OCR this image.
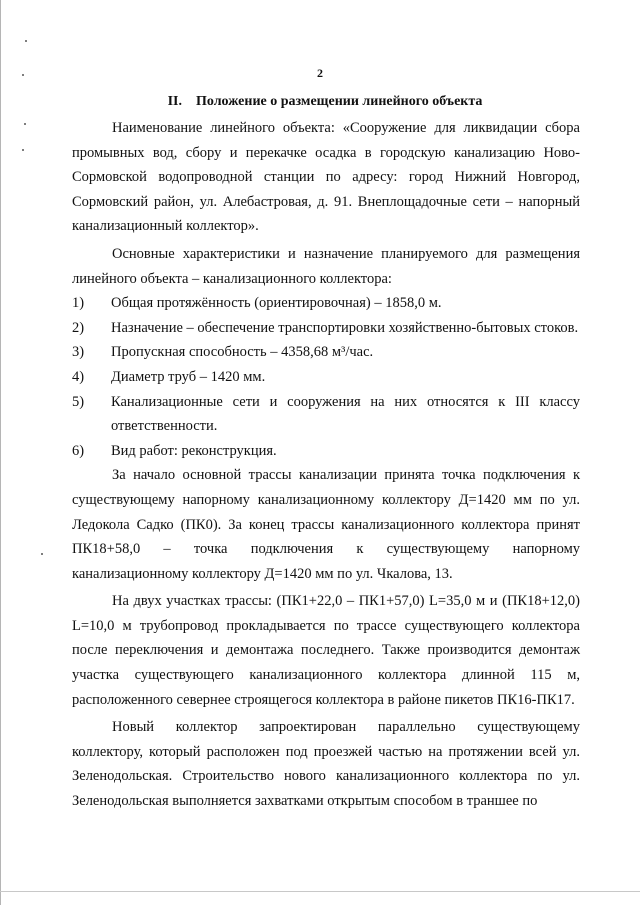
2
II. Положение о размещении линейного объекта

Наименование линейного объекта: «Сооружение для ликвидации сбора промывных вод, сбору и перекачке осадка в городскую канализацию Ново-Сормовской водопроводной станции по адресу: город Нижний Новгород, Сормовский район, ул. Алебастровая, д. 91. Внеплощадочные сети – напорный канализационный коллектор».

Основные характеристики и назначение планируемого для размещения линейного объекта – канализационного коллектора:

1)	Общая протяжённость (ориентировочная) – 1858,0 м.

2)	Назначение – обеспечение транспортировки хозяйственно-бытовых стоков.

3)	Пропускная способность – 4358,68 м³/час.

4)	Диаметр труб – 1420 мм.

5)	Канализационные сети и сооружения на них относятся к III классу ответственности.

6)	Вид работ: реконструкция.

За начало основной трассы канализации принята точка подключения к существующему напорному канализационному коллектору Д=1420 мм по ул. Ледокола Садко (ПК0). За конец трассы канализационного коллектора принят ПК18+58,0 – точка подключения к существующему напорному канализационному коллектору Д=1420 мм по ул. Чкалова, 13.

На двух участках трассы: (ПК1+22,0 – ПК1+57,0) L=35,0 м и (ПК18+12,0) L=10,0 м трубопровод прокладывается по трассе существующего коллектора после переключения и демонтажа последнего. Также производится демонтаж участка существующего канализационного коллектора длинной 115 м, расположенного севернее строящегося коллектора в районе пикетов ПК16-ПК17.

Новый коллектор запроектирован параллельно существующему коллектору, который расположен под проезжей частью на протяжении всей ул. Зеленодольская. Строительство нового канализационного коллектора по ул. Зеленодольская выполняется захватками открытым способом в траншее по
